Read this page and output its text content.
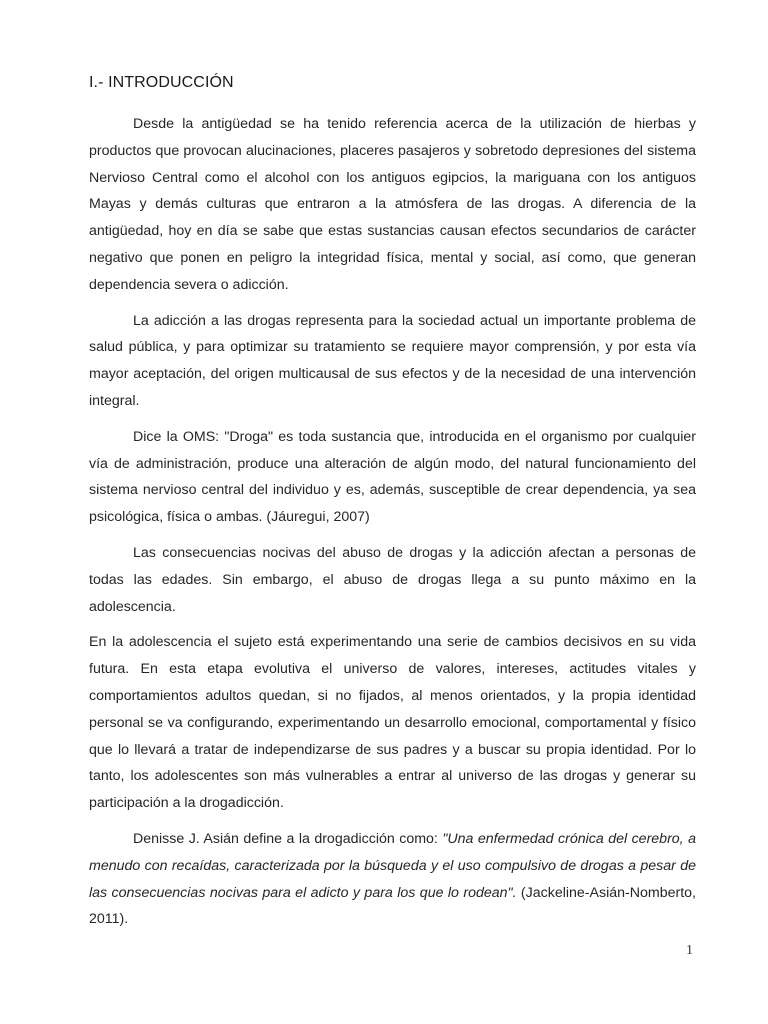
I.- INTRODUCCIÓN

Desde la antigüedad se ha tenido referencia acerca de la utilización de hierbas y productos que provocan alucinaciones, placeres pasajeros y sobretodo depresiones del sistema Nervioso Central como el alcohol con los antiguos egipcios, la mariguana con los antiguos Mayas y demás culturas que entraron a la atmósfera de las drogas. A diferencia de la antigüedad, hoy en día se sabe que estas sustancias causan efectos secundarios de carácter negativo que ponen en peligro la integridad física, mental y social, así como, que generan dependencia severa o adicción.

La adicción a las drogas representa para la sociedad actual un importante problema de salud pública, y para optimizar su tratamiento se requiere mayor comprensión, y por esta vía mayor aceptación, del origen multicausal de sus efectos y de la necesidad de una intervención integral.

Dice la OMS: "Droga" es toda sustancia que, introducida en el organismo por cualquier vía de administración, produce una alteración de algún modo, del natural funcionamiento del sistema nervioso central del individuo y es, además, susceptible de crear dependencia, ya sea psicológica, física o ambas. (Jáuregui, 2007)

Las consecuencias nocivas del abuso de drogas y la adicción afectan a personas de todas las edades. Sin embargo, el abuso de drogas llega a su punto máximo en la adolescencia.

En la adolescencia el sujeto está experimentando una serie de cambios decisivos en su vida futura. En esta etapa evolutiva el universo de valores, intereses, actitudes vitales y comportamientos adultos quedan, si no fijados, al menos orientados, y la propia identidad personal se va configurando, experimentando un desarrollo emocional, comportamental y físico que lo llevará a tratar de independizarse de sus padres y a buscar su propia identidad. Por lo tanto, los adolescentes son más vulnerables a entrar al universo de las drogas y generar su participación a la drogadicción.

Denisse J. Asián define a la drogadicción como: "Una enfermedad crónica del cerebro, a menudo con recaídas, caracterizada por la búsqueda y el uso compulsivo de drogas a pesar de las consecuencias nocivas para el adicto y para los que lo rodean". (Jackeline-Asián-Nomberto, 2011).

1
